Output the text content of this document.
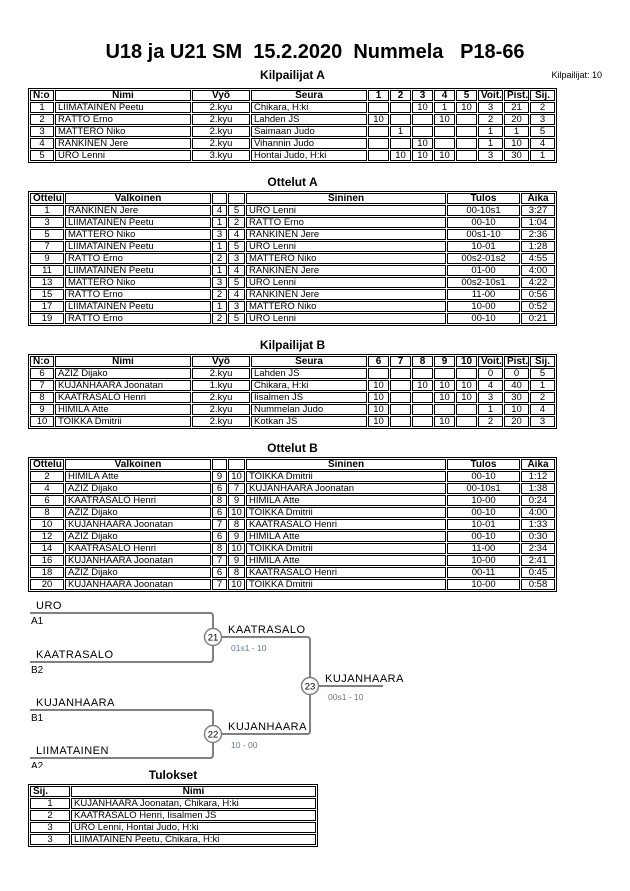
U18 ja U21 SM  15.2.2020  Nummela   P18-66
Kilpailijat: 10
Kilpailijat A
N:o	Nimi	Vyö	Seura	1	2	3	4	5	Voit.	Pist.	Sij.
1	LIIMATAINEN Peetu	2.kyu	Chikara, H:ki			10	1	10	3	21	2
2	RÄTTÖ Erno	2.kyu	Lahden JS	10			10		2	20	3
3	MATTERO Niko	2.kyu	Saimaan Judo		1				1	1	5
4	RANKINEN Jere	2.kyu	Vihannin Judo			10			1	10	4
5	URO Lenni	3.kyu	Hontai Judo, H:ki		10	10	10		3	30	1
Ottelut A
Ottelu	Valkoinen			Sininen	Tulos	Aika
1	RANKINEN Jere	4	5	URO Lenni	00-10s1	3:27
3	LIIMATAINEN Peetu	1	2	RÄTTÖ Erno	00-10	1:04
5	MATTERO Niko	3	4	RANKINEN Jere	00s1-10	2:36
7	LIIMATAINEN Peetu	1	5	URO Lenni	10-01	1:28
9	RÄTTÖ Erno	2	3	MATTERO Niko	00s2-01s2	4:55
11	LIIMATAINEN Peetu	1	4	RANKINEN Jere	01-00	4:00
13	MATTERO Niko	3	5	URO Lenni	00s2-10s1	4:22
15	RÄTTÖ Erno	2	4	RANKINEN Jere	11-00	0:56
17	LIIMATAINEN Peetu	1	3	MATTERO Niko	10-00	0:52
19	RÄTTÖ Erno	2	5	URO Lenni	00-10	0:21
Kilpailijat B
N:o	Nimi	Vyö	Seura	6	7	8	9	10	Voit.	Pist.	Sij.
6	AZIZ Dijako	2.kyu	Lahden JS						0	0	5
7	KUJANHAARA Joonatan	1.kyu	Chikara, H:ki	10		10	10	10	4	40	1
8	KAATRASALO Henri	2.kyu	Iisalmen JS	10			10	10	3	30	2
9	HIMILÄ Atte	2.kyu	Nummelan Judo	10					1	10	4
10	TOIKKA Dmitrii	2.kyu	Kotkan JS	10			10		2	20	3
Ottelut B
Ottelu	Valkoinen			Sininen	Tulos	Aika
2	HIMILÄ Atte	9	10	TOIKKA Dmitrii	00-10	1:12
4	AZIZ Dijako	6	7	KUJANHAARA Joonatan	00-10s1	1:38
6	KAATRASALO Henri	8	9	HIMILÄ Atte	10-00	0:24
8	AZIZ Dijako	6	10	TOIKKA Dmitrii	00-10	4:00
10	KUJANHAARA Joonatan	7	8	KAATRASALO Henri	10-01	1:33
12	AZIZ Dijako	6	9	HIMILÄ Atte	00-10	0:30
14	KAATRASALO Henri	8	10	TOIKKA Dmitrii	11-00	2:34
16	KUJANHAARA Joonatan	7	9	HIMILÄ Atte	10-00	2:41
18	AZIZ Dijako	6	8	KAATRASALO Henri	00-11	0:45
20	KUJANHAARA Joonatan	7	10	TOIKKA Dmitrii	10-00	0:58
URO
A1
KAATRASALO
B2
KUJANHAARA
B1
LIIMATAINEN
A2
KAATRASALO
01s1 - 10
KUJANHAARA
10 - 00
KUJANHAARA
00s1 - 10
21
22
23
Tulokset
Sij.	Nimi
1	KUJANHAARA Joonatan, Chikara, H:ki
2	KAATRASALO Henri, Iisalmen JS
3	URO Lenni, Hontai Judo, H:ki
3	LIIMATAINEN Peetu, Chikara, H:ki
